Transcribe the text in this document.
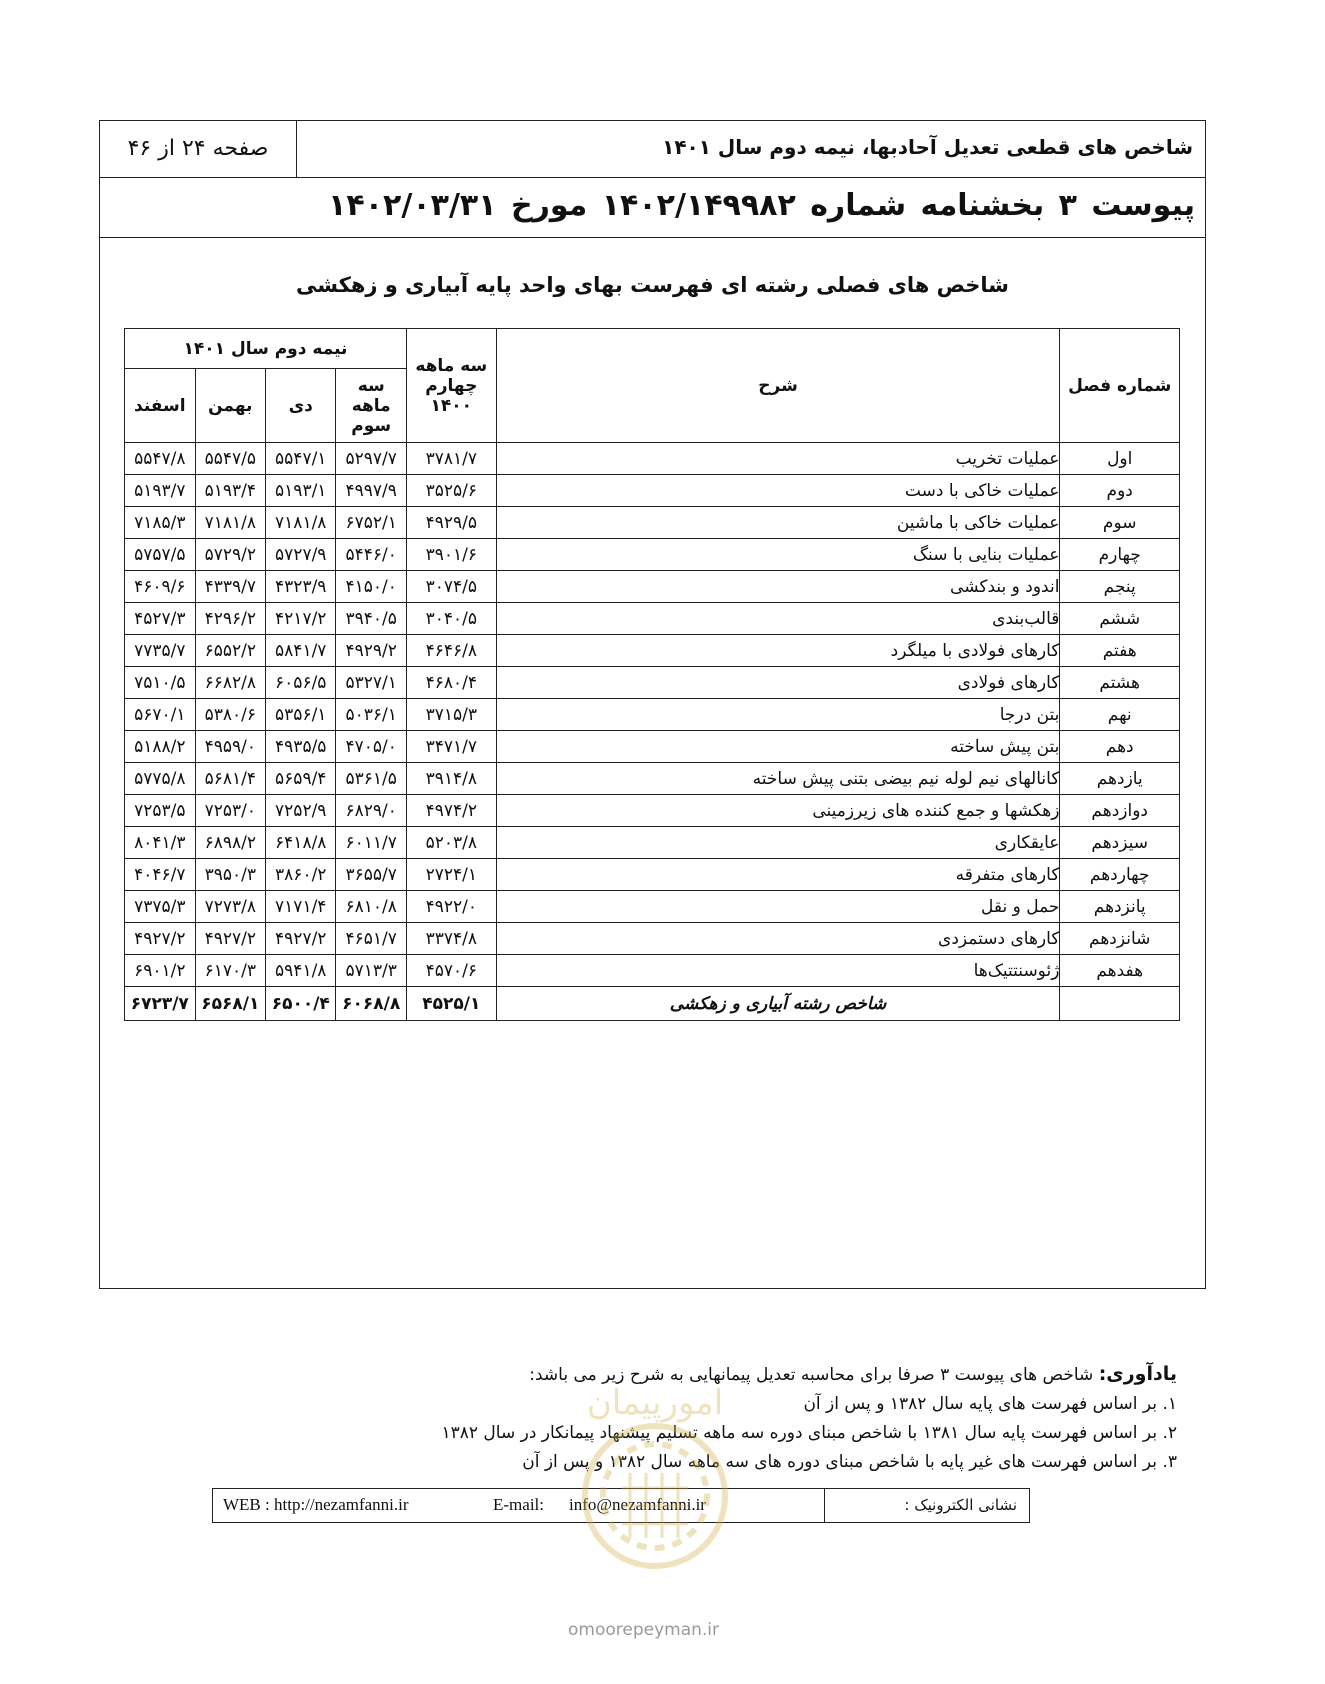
شاخص های قطعی تعدیل آحادبها، نیمه دوم سال ۱۴۰۱
صفحه ۲۴ از ۴۶
پیوست ۳ بخشنامه شماره ۱۴۰۲/۱۴۹۹۸۲ مورخ ۱۴۰۲/۰۳/۳۱
شاخص های فصلی رشته ای فهرست بهای واحد پایه آبیاری و زهکشی
شماره فصل	شرح	سه ماهه چهارم ۱۴۰۰	نیمه دوم سال ۱۴۰۱			
			سه ماهه سوم	دی	بهمن	اسفند
اول	عملیات تخریب	۳۷۸۱/۷	۵۲۹۷/۷	۵۵۴۷/۱	۵۵۴۷/۵	۵۵۴۷/۸
دوم	عملیات خاکی با دست	۳۵۲۵/۶	۴۹۹۷/۹	۵۱۹۳/۱	۵۱۹۳/۴	۵۱۹۳/۷
سوم	عملیات خاکی با ماشین	۴۹۲۹/۵	۶۷۵۲/۱	۷۱۸۱/۸	۷۱۸۱/۸	۷۱۸۵/۳
چهارم	عملیات بنایی با سنگ	۳۹۰۱/۶	۵۴۴۶/۰	۵۷۲۷/۹	۵۷۲۹/۲	۵۷۵۷/۵
پنجم	اندود و بندکشی	۳۰۷۴/۵	۴۱۵۰/۰	۴۳۲۳/۹	۴۳۳۹/۷	۴۶۰۹/۶
ششم	قالب‌بندی	۳۰۴۰/۵	۳۹۴۰/۵	۴۲۱۷/۲	۴۲۹۶/۲	۴۵۲۷/۳
هفتم	کارهای فولادی با میلگرد	۴۶۴۶/۸	۴۹۲۹/۲	۵۸۴۱/۷	۶۵۵۲/۲	۷۷۳۵/۷
هشتم	کارهای فولادی	۴۶۸۰/۴	۵۳۲۷/۱	۶۰۵۶/۵	۶۶۸۲/۸	۷۵۱۰/۵
نهم	بتن درجا	۳۷۱۵/۳	۵۰۳۶/۱	۵۳۵۶/۱	۵۳۸۰/۶	۵۶۷۰/۱
دهم	بتن پیش ساخته	۳۴۷۱/۷	۴۷۰۵/۰	۴۹۳۵/۵	۴۹۵۹/۰	۵۱۸۸/۲
یازدهم	کانالهای نیم لوله نیم بیضی بتنی پیش ساخته	۳۹۱۴/۸	۵۳۶۱/۵	۵۶۵۹/۴	۵۶۸۱/۴	۵۷۷۵/۸
دوازدهم	زهکشها و جمع کننده های زیرزمینی	۴۹۷۴/۲	۶۸۲۹/۰	۷۲۵۲/۹	۷۲۵۳/۰	۷۲۵۳/۵
سیزدهم	عایقکاری	۵۲۰۳/۸	۶۰۱۱/۷	۶۴۱۸/۸	۶۸۹۸/۲	۸۰۴۱/۳
چهاردهم	کارهای متفرقه	۲۷۲۴/۱	۳۶۵۵/۷	۳۸۶۰/۲	۳۹۵۰/۳	۴۰۴۶/۷
پانزدهم	حمل و نقل	۴۹۲۲/۰	۶۸۱۰/۸	۷۱۷۱/۴	۷۲۷۳/۸	۷۳۷۵/۳
شانزدهم	کارهای دستمزدی	۳۳۷۴/۸	۴۶۵۱/۷	۴۹۲۷/۲	۴۹۲۷/۲	۴۹۲۷/۲
هفدهم	ژئوسنتتیک‌ها	۴۵۷۰/۶	۵۷۱۳/۳	۵۹۴۱/۸	۶۱۷۰/۳	۶۹۰۱/۲
	شاخص رشته آبیاری و زهکشی	۴۵۲۵/۱	۶۰۶۸/۸	۶۵۰۰/۴	۶۵۶۸/۱	۶۷۲۳/۷
یادآوری: شاخص های پیوست ۳ صرفا برای محاسبه تعدیل پیمانهایی به شرح زیر می باشد:
۱. بر اساس فهرست های پایه سال ۱۳۸۲ و پس از آن
۲. بر اساس فهرست پایه سال ۱۳۸۱ با شاخص مبنای دوره سه ماهه تسلیم پیشنهاد پیمانکار در سال ۱۳۸۲
۳. بر اساس فهرست های غیر پایه با شاخص مبنای دوره های سه ماهه سال ۱۳۸۲ و پس از آن
WEB : http://nezamfanni.ir	E-mail: info@nezamfanni.ir	نشانی الکترونیک :
امورپیمان
omoorepeyman.ir
